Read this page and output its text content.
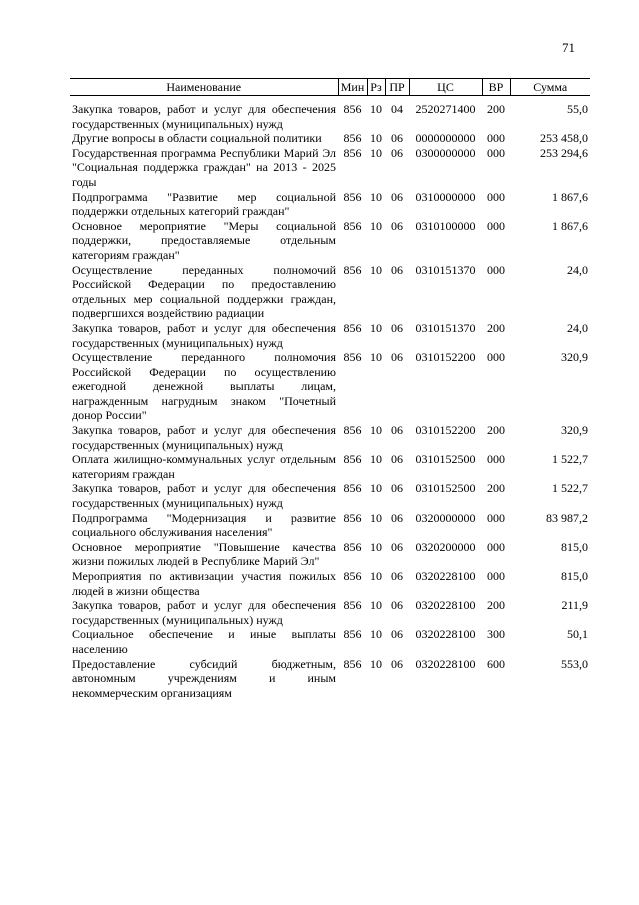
71
Наименование	Мин	Рз	ПР	ЦС	ВР	Сумма

Закупка товаров, работ и услуг для обеспечения государственных (муниципальных) нужд	856	10	04	2520271400	200	55,0
Другие вопросы в области социальной политики	856	10	06	0000000000	000	253 458,0
Государственная программа Республики Марий Эл "Социальная поддержка граждан" на 2013 - 2025 годы	856	10	06	0300000000	000	253 294,6
Подпрограмма "Развитие мер социальной поддержки отдельных категорий граждан"	856	10	06	0310000000	000	1 867,6
Основное мероприятие "Меры социальной поддержки, предоставляемые отдельным категориям граждан"	856	10	06	0310100000	000	1 867,6
Осуществление переданных полномочий Российской Федерации по предоставлению отдельных мер социальной поддержки граждан, подвергшихся воздействию радиации	856	10	06	0310151370	000	24,0
Закупка товаров, работ и услуг для обеспечения государственных (муниципальных) нужд	856	10	06	0310151370	200	24,0
Осуществление переданного полномочия Российской Федерации по осуществлению ежегодной денежной выплаты лицам, награжденным нагрудным знаком "Почетный донор России"	856	10	06	0310152200	000	320,9
Закупка товаров, работ и услуг для обеспечения государственных (муниципальных) нужд	856	10	06	0310152200	200	320,9
Оплата жилищно-коммунальных услуг отдельным категориям граждан	856	10	06	0310152500	000	1 522,7
Закупка товаров, работ и услуг для обеспечения государственных (муниципальных) нужд	856	10	06	0310152500	200	1 522,7
Подпрограмма "Модернизация и развитие социального обслуживания населения"	856	10	06	0320000000	000	83 987,2
Основное мероприятие "Повышение качества жизни пожилых людей в Республике Марий Эл"	856	10	06	0320200000	000	815,0
Мероприятия по активизации участия пожилых людей в жизни общества	856	10	06	0320228100	000	815,0
Закупка товаров, работ и услуг для обеспечения государственных (муниципальных) нужд	856	10	06	0320228100	200	211,9
Социальное обеспечение и иные выплаты населению	856	10	06	0320228100	300	50,1
Предоставление субсидий бюджетным, автономным учреждениям и иным некоммерческим организациям	856	10	06	0320228100	600	553,0
